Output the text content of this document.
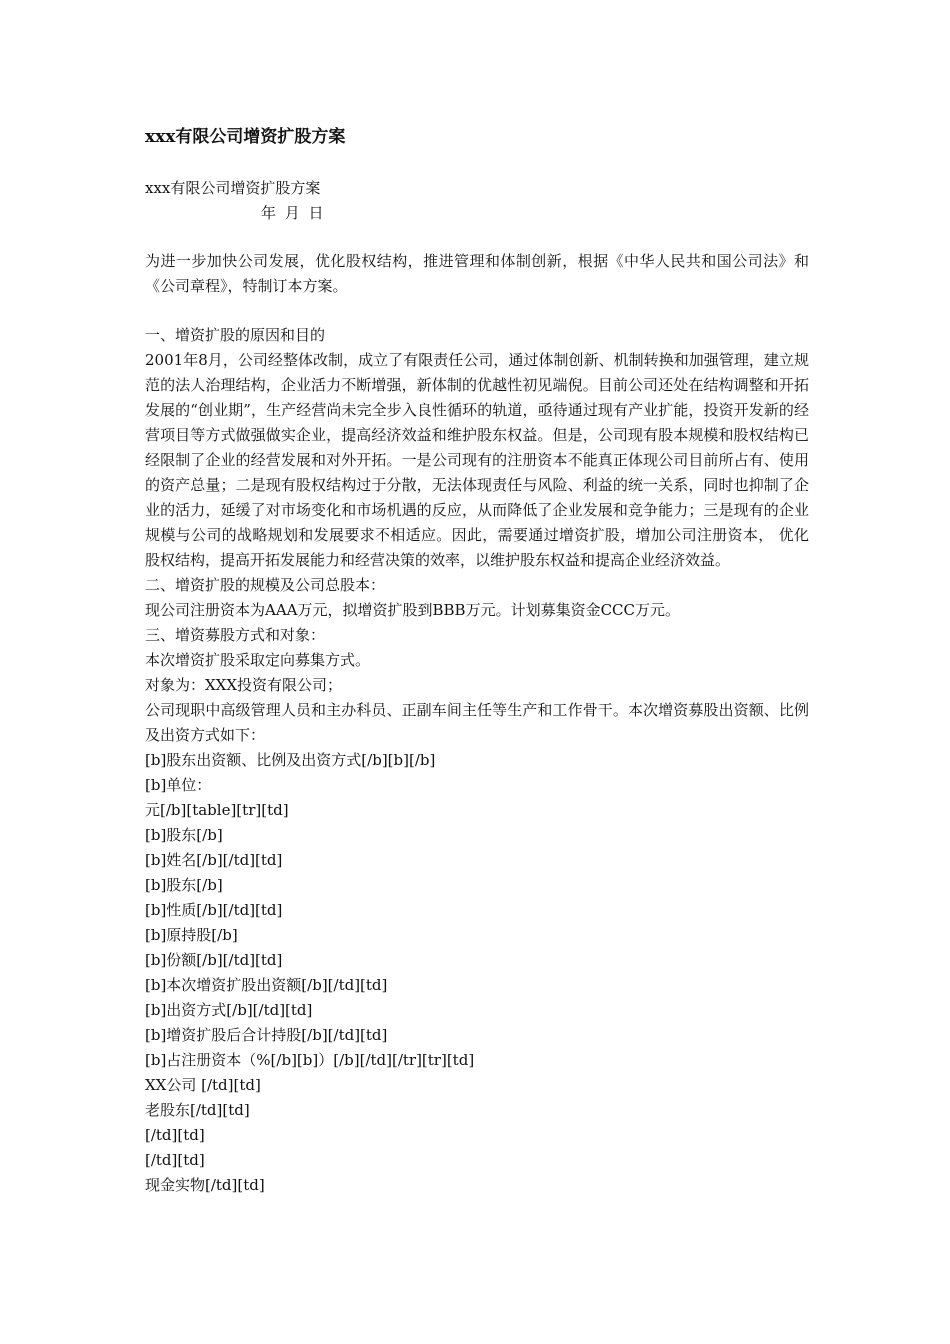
xxx有限公司增资扩股方案
xxx有限公司增资扩股方案
年 月 日

为进一步加快公司发展，优化股权结构，推进管理和体制创新，根据《中华人民共和国公司法》和《公司章程》，特制订本方案。

一、增资扩股的原因和目的

2001年8月，公司经整体改制，成立了有限责任公司，通过体制创新、机制转换和加强管理，建立规范的法人治理结构，企业活力不断增强，新体制的优越性初见端倪。目前公司还处在结构调整和开拓发展的“创业期”，生产经营尚未完全步入良性循环的轨道，亟待通过现有产业扩能，投资开发新的经营项目等方式做强做实企业，提高经济效益和维护股东权益。但是，公司现有股本规模和股权结构已经限制了企业的经营发展和对外开拓。一是公司现有的注册资本不能真正体现公司目前所占有、使用的资产总量；二是现有股权结构过于分散，无法体现责任与风险、利益的统一关系，同时也抑制了企业的活力，延缓了对市场变化和市场机遇的反应，从而降低了企业发展和竞争能力；三是现有的企业规模与公司的战略规划和发展要求不相适应。因此，需要通过增资扩股，增加公司注册资本， 优化股权结构，提高开拓发展能力和经营决策的效率，以维护股东权益和提高企业经济效益。

二、增资扩股的规模及公司总股本：

现公司注册资本为AAA万元，拟增资扩股到BBB万元。计划募集资金CCC万元。

三、增资募股方式和对象：

本次增资扩股采取定向募集方式。

对象为：XXX投资有限公司；

公司现职中高级管理人员和主办科员、正副车间主任等生产和工作骨干。本次增资募股出资额、比例及出资方式如下：

[b]股东出资额、比例及出资方式[/b][b][/b]

[b]单位：

元[/b][table][tr][td]

[b]股东[/b]

[b]姓名[/b][/td][td]

[b]股东[/b]

[b]性质[/b][/td][td]

[b]原持股[/b]

[b]份额[/b][/td][td]

[b]本次增资扩股出资额[/b][/td][td]

[b]出资方式[/b][/td][td]

[b]增资扩股后合计持股[/b][/td][td]

[b]占注册资本（%[/b][b]）[/b][/td][/tr][tr][td]

XX公司 [/td][td]

老股东[/td][td]

[/td][td]

[/td][td]

现金实物[/td][td]
